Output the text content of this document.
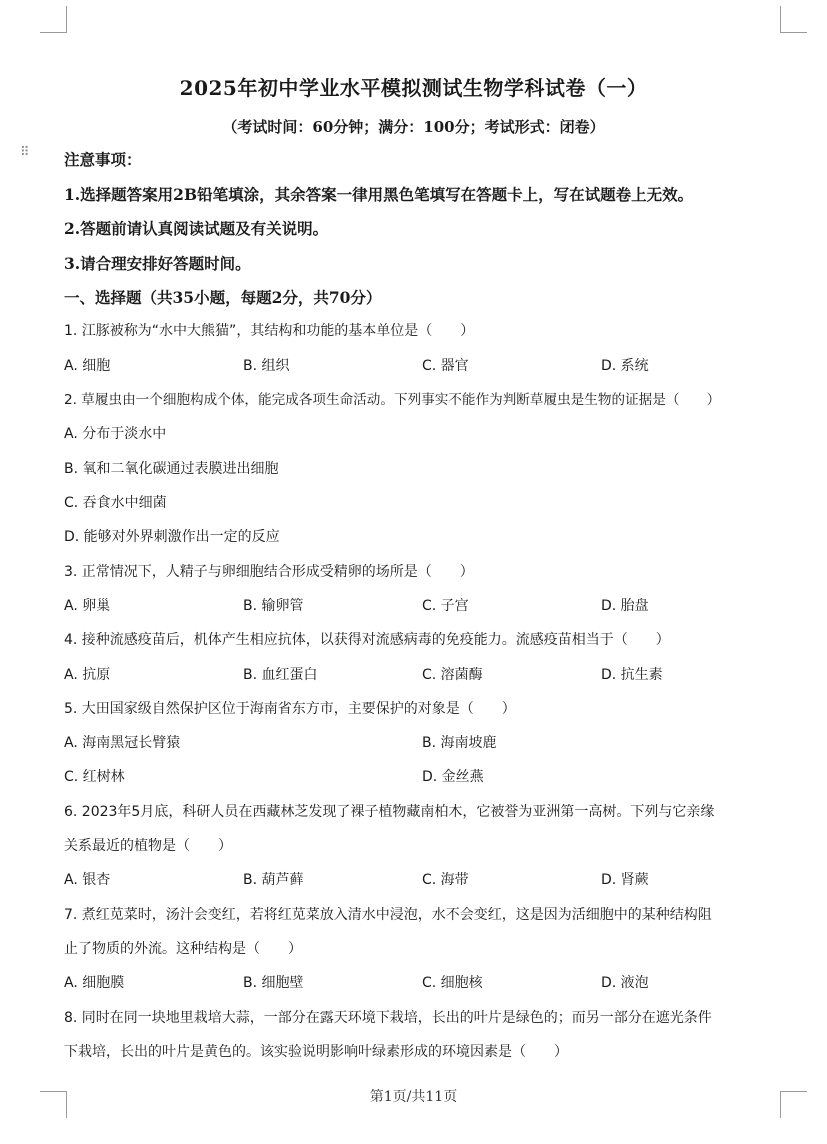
⠿
2025年初中学业水平模拟测试生物学科试卷（一）
（考试时间：60分钟；满分：100分；考试形式：闭卷）
注意事项：
1.选择题答案用2B铅笔填涂，其余答案一律用黑色笔填写在答题卡上，写在试题卷上无效。
2.答题前请认真阅读试题及有关说明。
3.请合理安排好答题时间。
一、选择题（共35小题，每题2分，共70分）
1. 江豚被称为“水中大熊猫”，其结构和功能的基本单位是（　　）
A. 细胞	B. 组织	C. 器官	D. 系统
2. 草履虫由一个细胞构成个体，能完成各项生命活动。下列事实不能作为判断草履虫是生物的证据是（　　）
A. 分布于淡水中
B. 氧和二氧化碳通过表膜进出细胞
C. 吞食水中细菌
D. 能够对外界刺激作出一定的反应
3. 正常情况下，人精子与卵细胞结合形成受精卵的场所是（　　）
A. 卵巢	B. 输卵管	C. 子宫	D. 胎盘
4. 接种流感疫苗后，机体产生相应抗体，以获得对流感病毒的免疫能力。流感疫苗相当于（　　）
A. 抗原	B. 血红蛋白	C. 溶菌酶	D. 抗生素
5. 大田国家级自然保护区位于海南省东方市，主要保护的对象是（　　）
A. 海南黑冠长臂猿	B. 海南坡鹿
C. 红树林	D. 金丝燕
6. 2023年5月底，科研人员在西藏林芝发现了裸子植物藏南柏木，它被誉为亚洲第一高树。下列与它亲缘
关系最近的植物是（　　）
A. 银杏	B. 葫芦藓	C. 海带	D. 肾蕨
7. 煮红苋菜时，汤汁会变红，若将红苋菜放入清水中浸泡，水不会变红，这是因为活细胞中的某种结构阻
止了物质的外流。这种结构是（　　）
A. 细胞膜	B. 细胞壁	C. 细胞核	D. 液泡
8. 同时在同一块地里栽培大蒜，一部分在露天环境下栽培，长出的叶片是绿色的；而另一部分在遮光条件
下栽培，长出的叶片是黄色的。该实验说明影响叶绿素形成的环境因素是（　　）
第1页/共11页
